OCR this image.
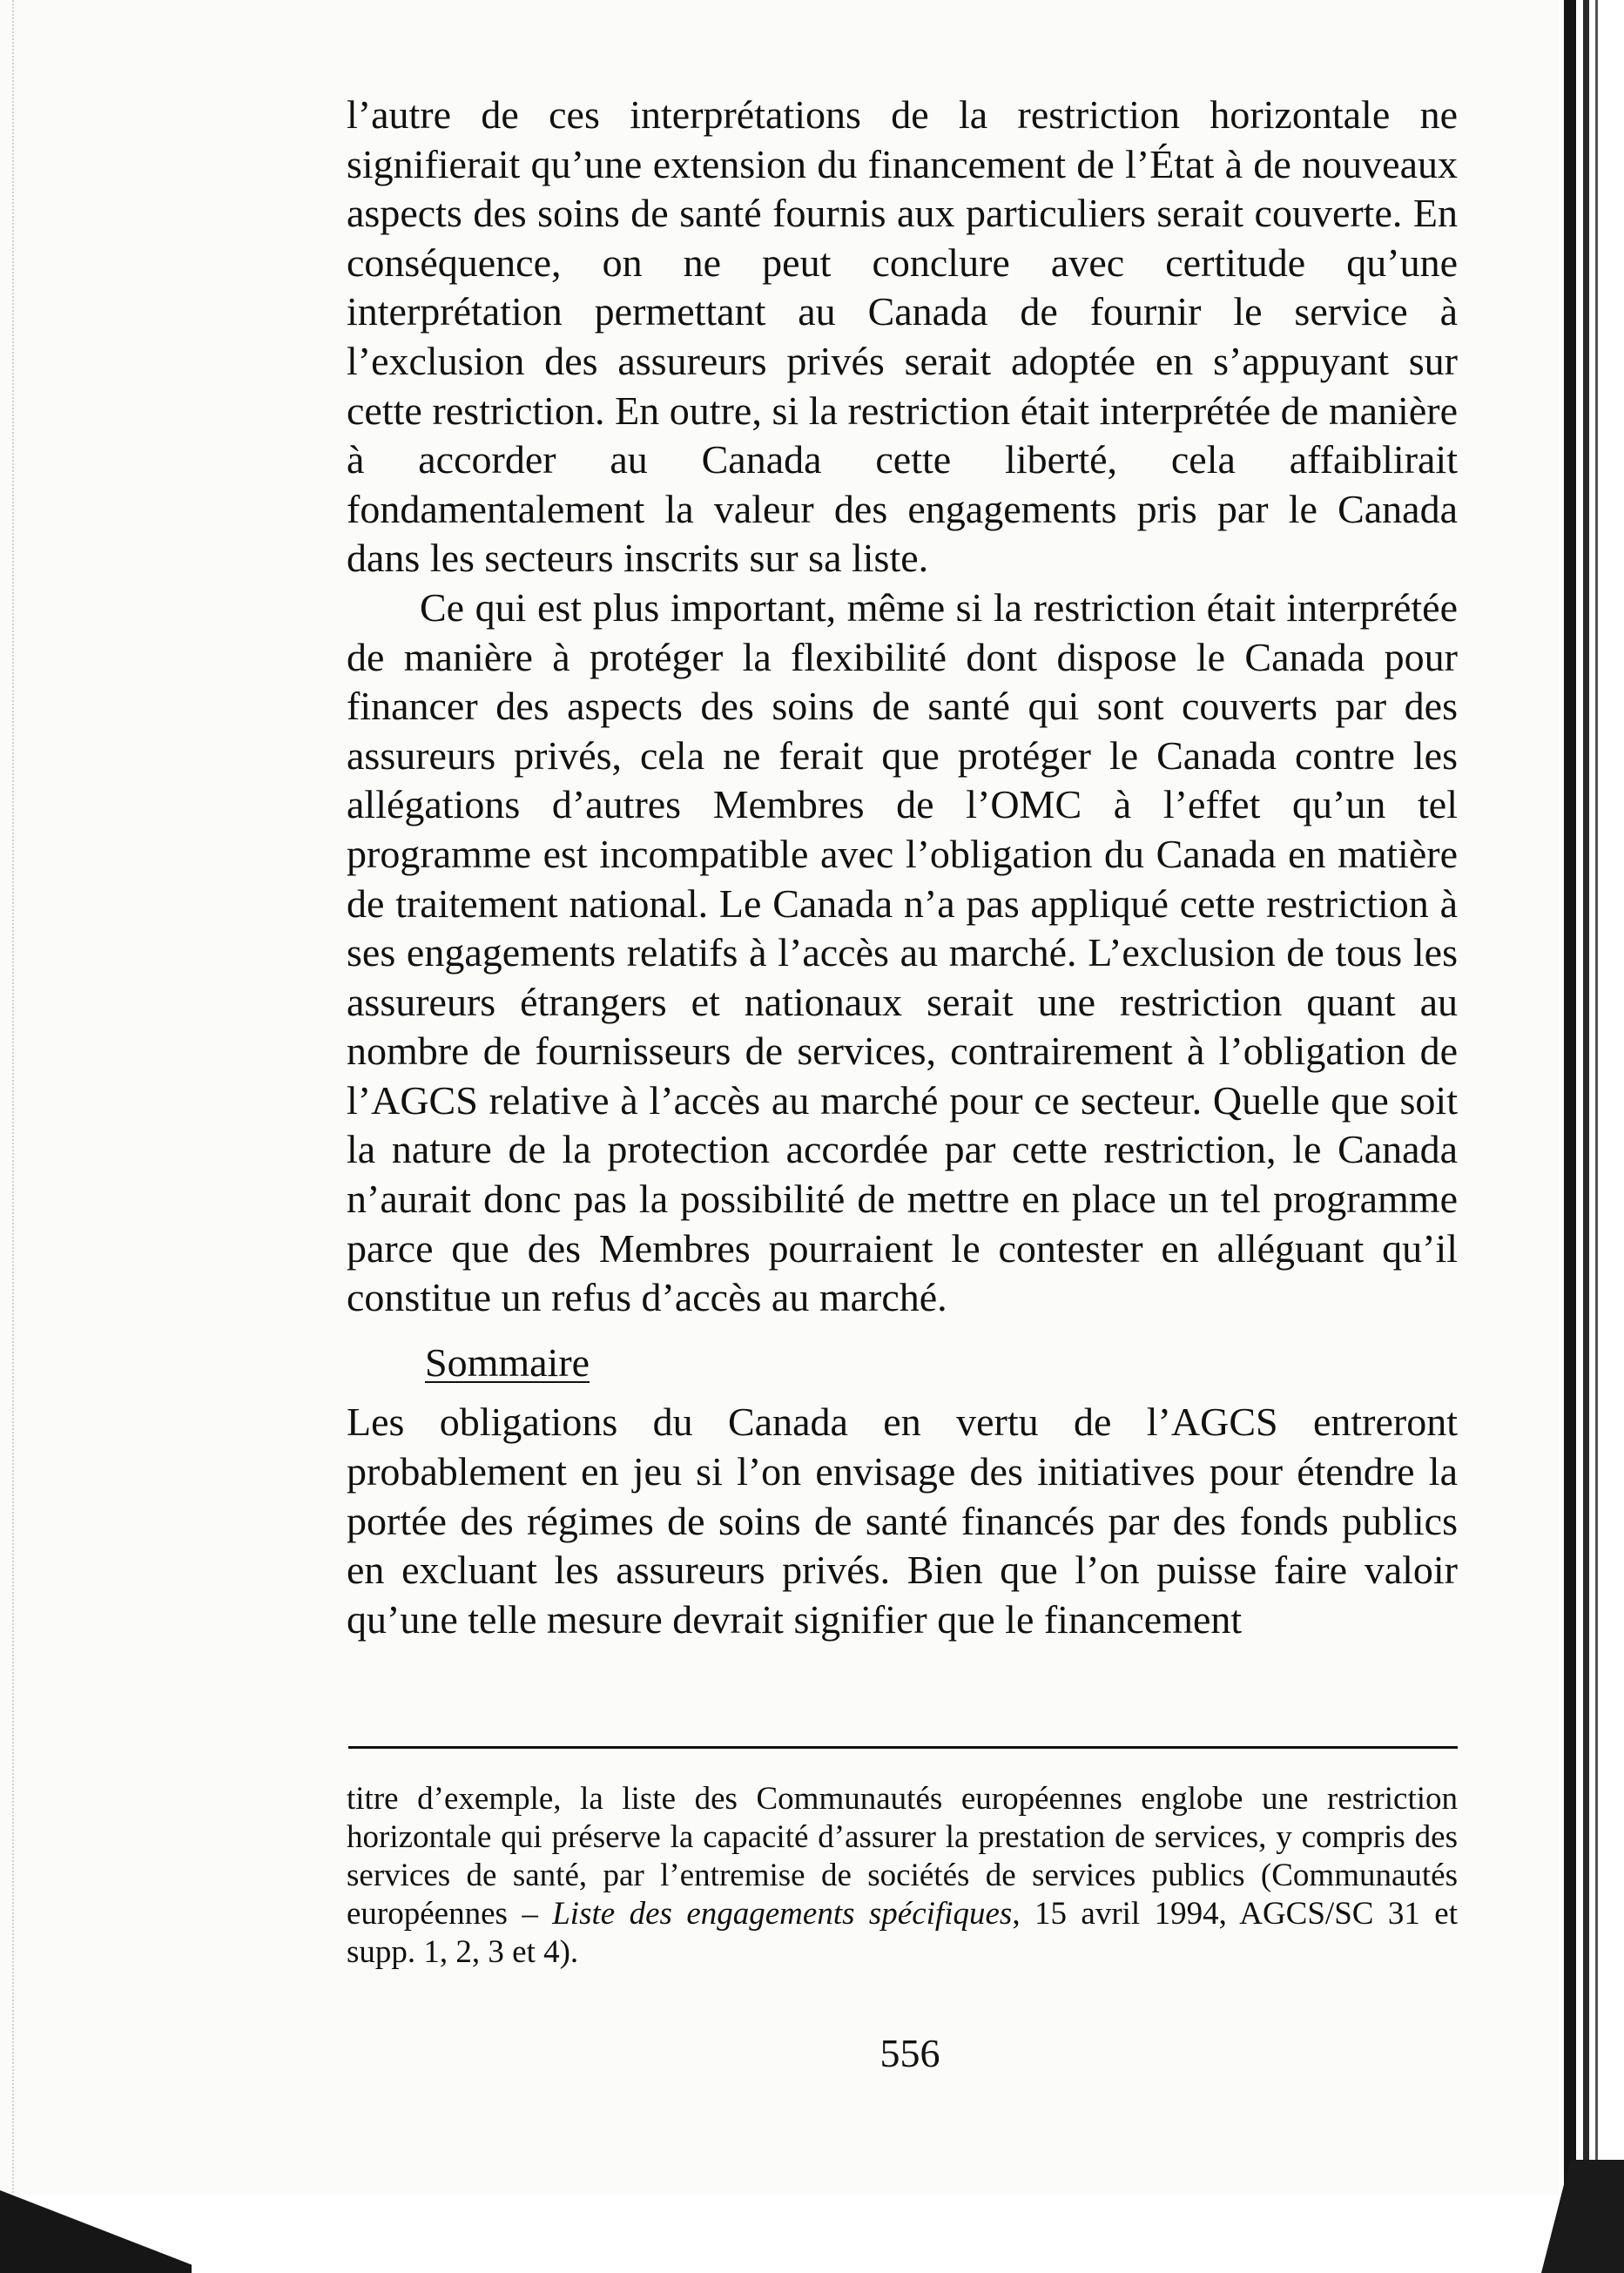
l’autre de ces interprétations de la restriction horizontale ne signifierait qu’une extension du financement de l’État à de nouveaux aspects des soins de santé fournis aux particuliers serait couverte. En conséquence, on ne peut conclure avec certitude qu’une interprétation permettant au Canada de fournir le service à l’exclusion des assureurs privés serait adoptée en s’appuyant sur cette restriction. En outre, si la restriction était interprétée de manière à accorder au Canada cette liberté, cela affaiblirait fondamentalement la valeur des engagements pris par le Canada dans les secteurs inscrits sur sa liste.

Ce qui est plus important, même si la restriction était interprétée de manière à protéger la flexibilité dont dispose le Canada pour financer des aspects des soins de santé qui sont couverts par des assureurs privés, cela ne ferait que protéger le Canada contre les allégations d’autres Membres de l’OMC à l’effet qu’un tel programme est incompatible avec l’obligation du Canada en matière de traitement national. Le Canada n’a pas appliqué cette restriction à ses engagements relatifs à l’accès au marché. L’exclusion de tous les assureurs étrangers et nationaux serait une restriction quant au nombre de fournisseurs de services, contrairement à l’obligation de l’AGCS relative à l’accès au marché pour ce secteur. Quelle que soit la nature de la protection accordée par cette restriction, le Canada n’aurait donc pas la possibilité de mettre en place un tel programme parce que des Membres pourraient le contester en alléguant qu’il constitue un refus d’accès au marché.

Sommaire

Les obligations du Canada en vertu de l’AGCS entreront probablement en jeu si l’on envisage des initiatives pour étendre la portée des régimes de soins de santé financés par des fonds publics en excluant les assureurs privés. Bien que l’on puisse faire valoir qu’une telle mesure devrait signifier que le financement

titre d’exemple, la liste des Communautés européennes englobe une restriction horizontale qui préserve la capacité d’assurer la prestation de services, y compris des services de santé, par l’entremise de sociétés de services publics (Communautés européennes – Liste des engagements spécifiques, 15 avril 1994, AGCS/SC 31 et supp. 1, 2, 3 et 4).

556
